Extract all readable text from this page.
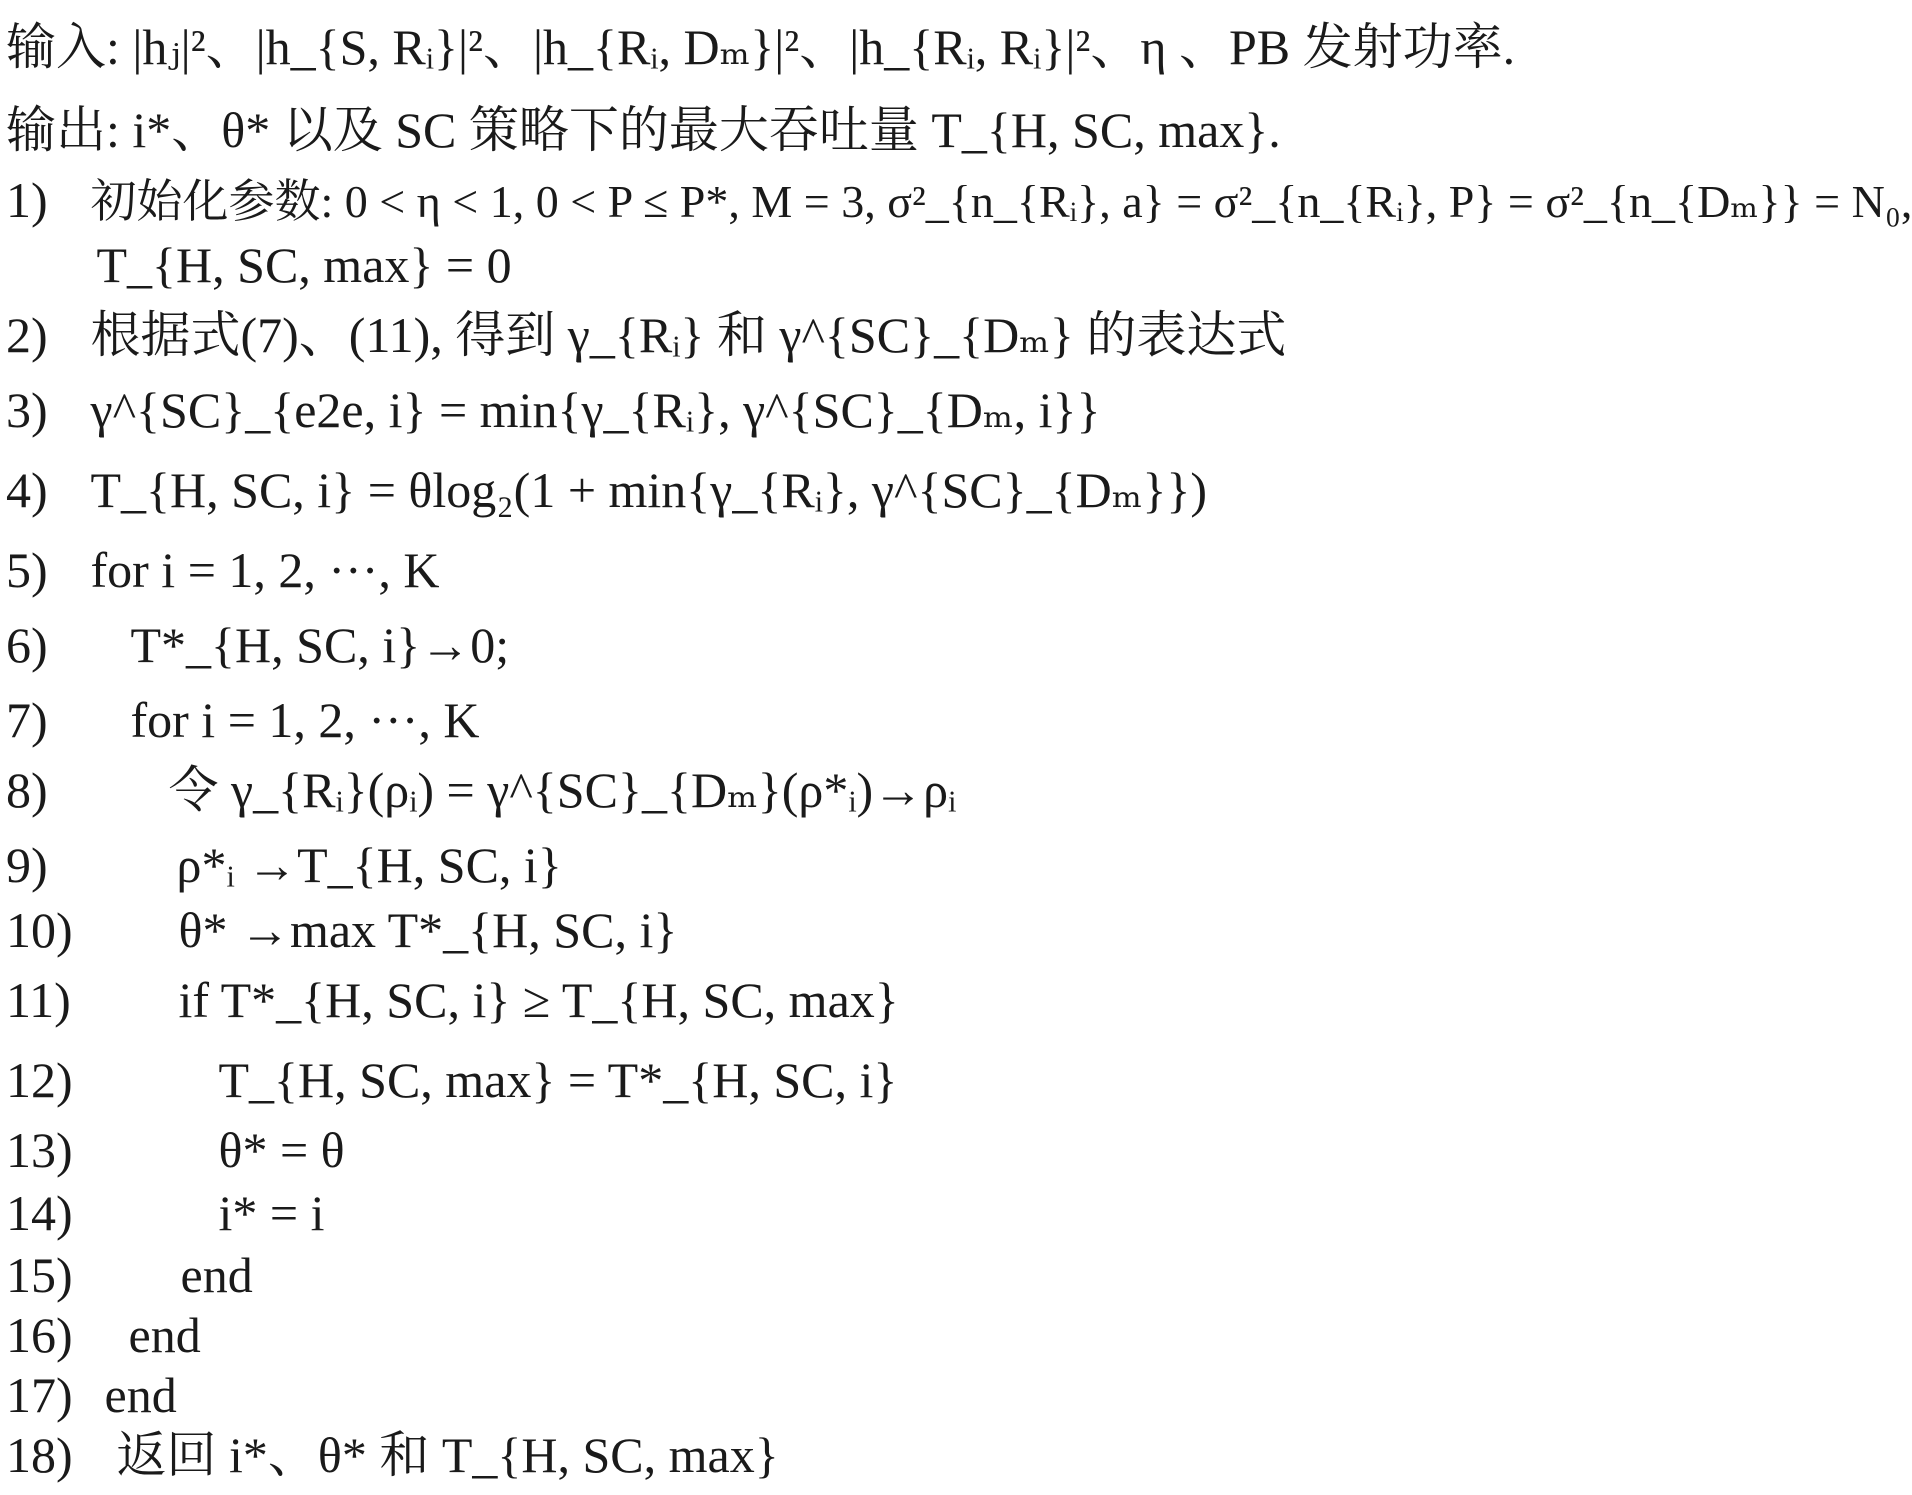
输入: |hⱼ|²、|h_{S, Rᵢ}|²、|h_{Rᵢ, Dₘ}|²、|h_{Rᵢ, Rᵢ}|²、η 、PB 发射功率.
输出: i*、θ* 以及 SC 策略下的最大吞吐量 T_{H, SC, max}.
1) 初始化参数: 0 < η < 1, 0 < P ≤ P*, M = 3, σ²_{n_{Rᵢ}, a} = σ²_{n_{Rᵢ}, P} = σ²_{n_{Dₘ}} = N₀,
T_{H, SC, max} = 0
2) 根据式(7)、(11), 得到 γ_{Rᵢ} 和 γ^{SC}_{Dₘ} 的表达式
3) γ^{SC}_{e2e, i} = min{γ_{Rᵢ}, γ^{SC}_{Dₘ, i}}
4) T_{H, SC, i} = θlog₂(1 + min{γ_{Rᵢ}, γ^{SC}_{Dₘ}})
5) for i = 1, 2, ···, K
6) T*_{H, SC, i}→0;
7) for i = 1, 2, ···, K
8) 令 γ_{Rᵢ}(ρᵢ) = γ^{SC}_{Dₘ}(ρ*ᵢ)→ρᵢ
9)	ρ*ᵢ →T_{H, SC, i}
10) θ* →max T*_{H, SC, i}
11) if T*_{H, SC, i} ≥ T_{H, SC, max}
12)	T_{H, SC, max} = T*_{H, SC, i}
13)	θ* = θ
14)	i* = i
15) end
16) end
17) end
18) 返回 i*、θ* 和 T_{H, SC, max}
